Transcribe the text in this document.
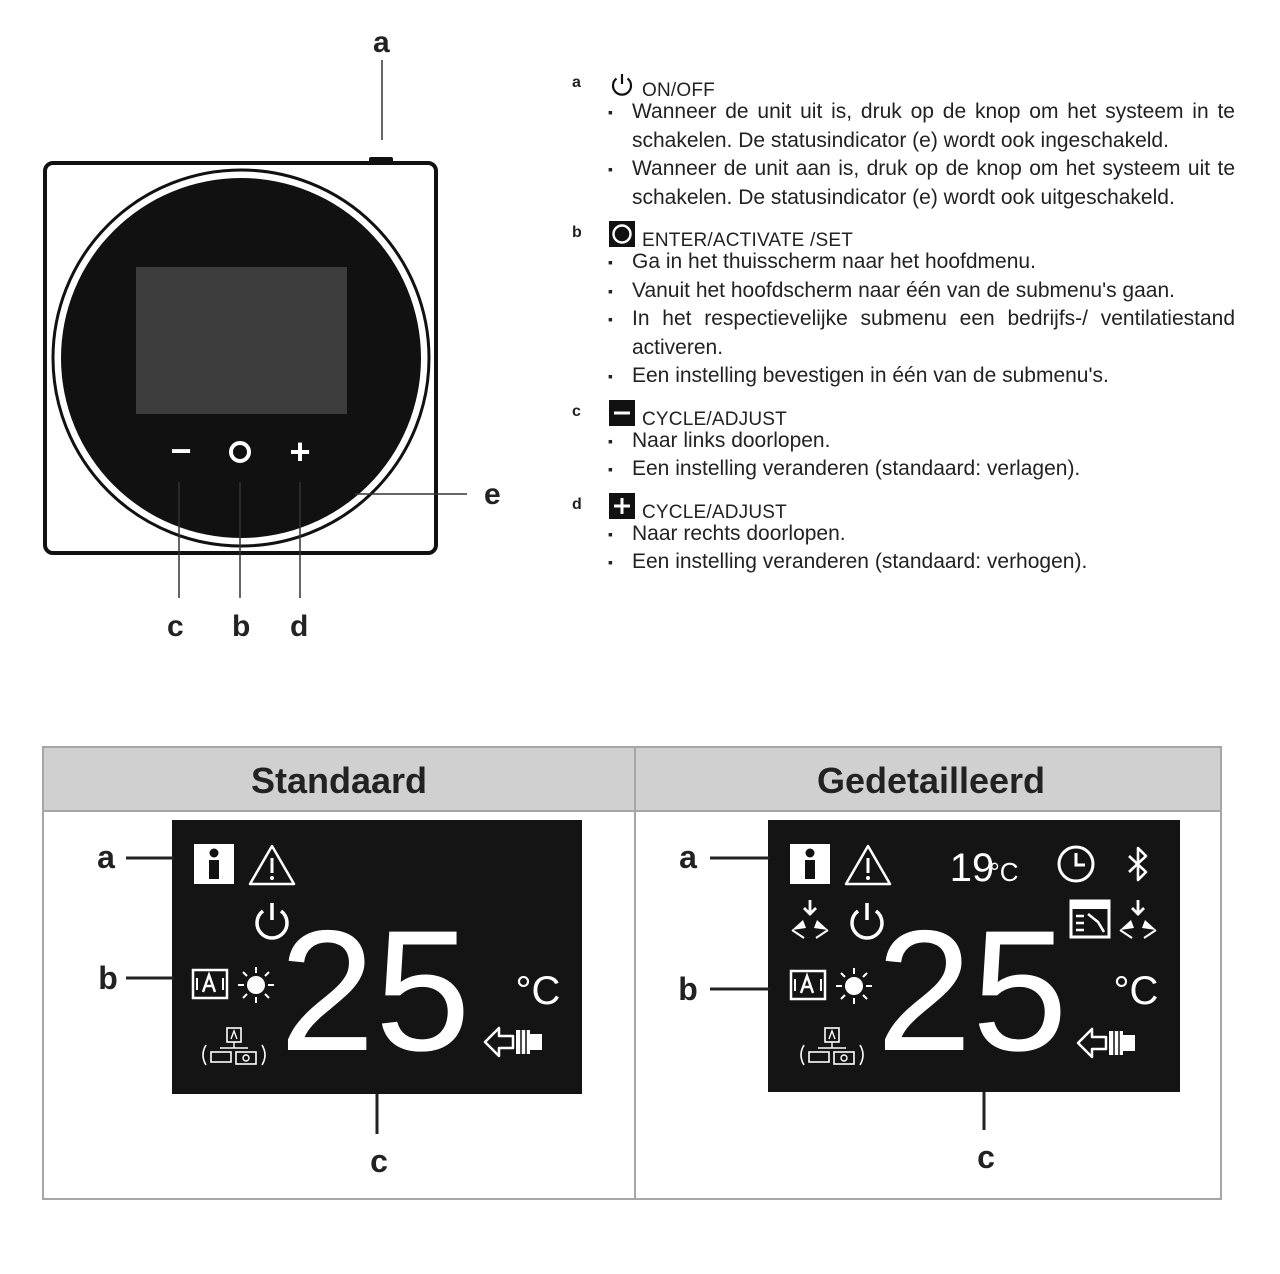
−	+
a
e
c b d
a	ON/OFF
▪ Wanneer de unit uit is, druk op de knop om het systeem in te schakelen. De statusindicator (e) wordt ook ingeschakeld.
▪ Wanneer de unit aan is, druk op de knop om het systeem uit te schakelen. De statusindicator (e) wordt ook uitgeschakeld.
b	ENTER/ACTIVATE /SET
▪ Ga in het thuisscherm naar het hoofdmenu.
▪ Vanuit het hoofdscherm naar één van de submenu's gaan.
▪ In het respectievelijke submenu een bedrijfs-/ ventilatiestand activeren.
▪ Een instelling bevestigen in één van de submenu's.
c	CYCLE/ADJUST
▪ Naar links doorlopen.
▪ Een instelling veranderen (standaard: verlagen).
d	CYCLE/ADJUST
▪ Naar rechts doorlopen.
▪ Een instelling veranderen (standaard: verhogen).
Standaard	Gedetailleerd
25 °C
a
b
c
19
°C
25 °C
a
b
c
